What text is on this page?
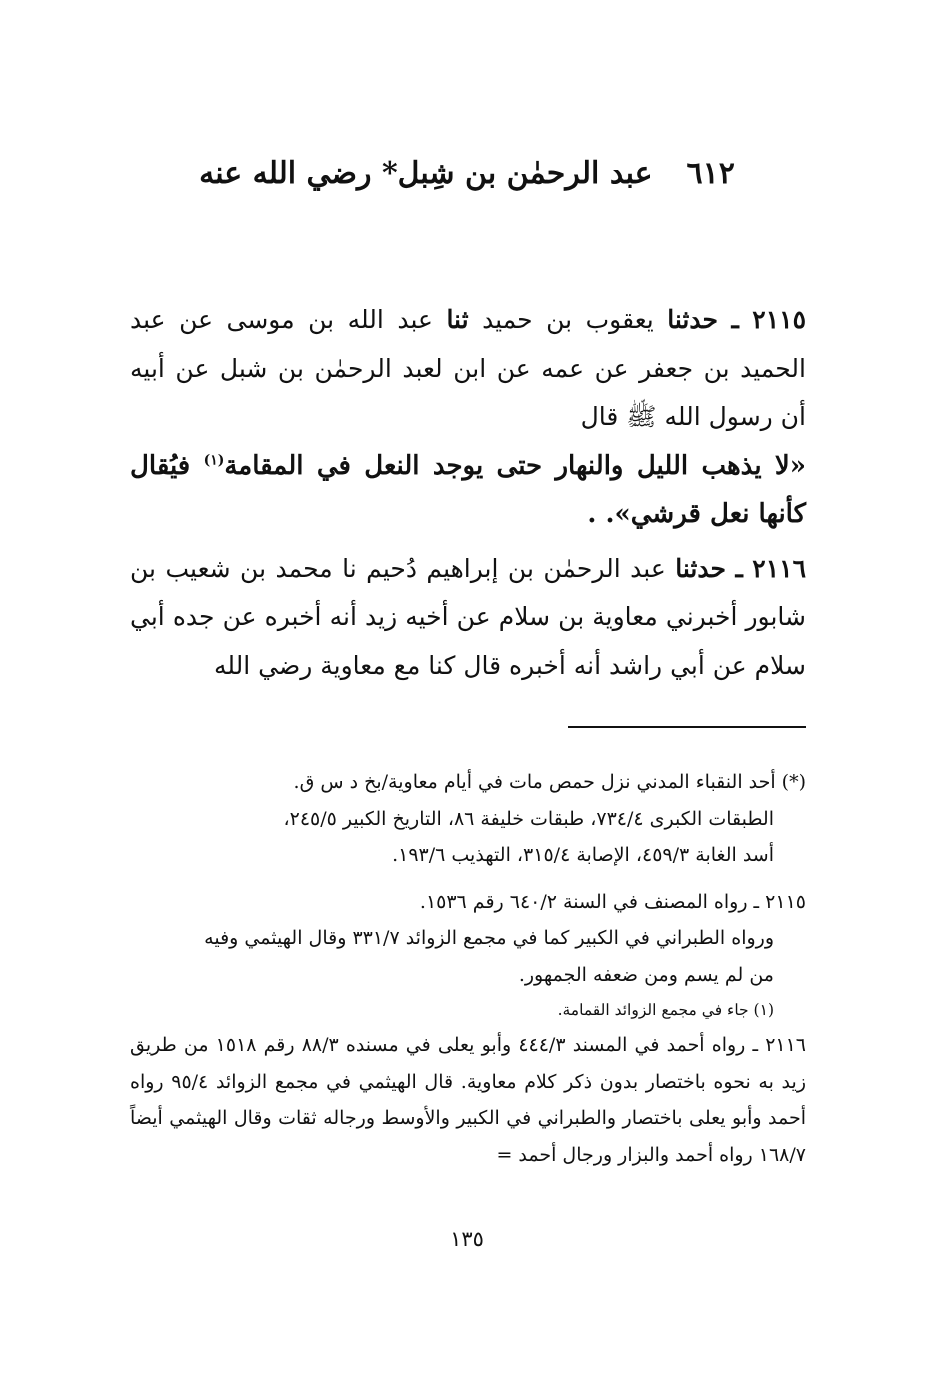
٦١٢عبد الرحمٰن بن شِبل* رضي الله عنه

٢١١٥ ـ حدثنا يعقوب بن حميد ثنا عبد الله بن موسى عن عبد الحميد بن جعفر عن عمه عن ابن لعبد الرحمٰن بن شبل عن أبيه أن رسول الله ﷺ قال

«لا يذهب الليل والنهار حتى يوجد النعل في المقامة$^{(١)}$ فيُقال كأنها نعل قرشي». .

٢١١٦ ـ حدثنا عبد الرحمٰن بن إبراهيم دُحيم نا محمد بن شعيب بن شابور أخبرني معاوية بن سلام عن أخيه زيد أنه أخبره عن جده أبي سلام عن أبي راشد أنه أخبره قال كنا مع معاوية رضي الله

(*) أحد النقباء المدني نزل حمص مات في أيام معاوية/بخ د س ق.

الطبقات الكبرى ٧٣٤/٤، طبقات خليفة ٨٦، التاريخ الكبير ٢٤٥/٥،

أسد الغابة ٤٥٩/٣، الإصابة ٣١٥/٤، التهذيب ١٩٣/٦.

٢١١٥ ـ رواه المصنف في السنة ٦٤٠/٢ رقم ١٥٣٦.

ورواه الطبراني في الكبير كما في مجمع الزوائد ٣٣١/٧ وقال الهيثمي وفيه

من لم يسم ومن ضعفه الجمهور.

(١) جاء في مجمع الزوائد القمامة.

٢١١٦ ـ رواه أحمد في المسند ٤٤٤/٣ وأبو يعلى في مسنده ٨٨/٣ رقم ١٥١٨ من طريق زيد به نحوه باختصار بدون ذكر كلام معاوية. قال الهيثمي في مجمع الزوائد ٩٥/٤ رواه أحمد وأبو يعلى باختصار والطبراني في الكبير والأوسط ورجاله ثقات وقال الهيثمي أيضاً ١٦٨/٧ رواه أحمد والبزار ورجال أحمد =

١٣٥
